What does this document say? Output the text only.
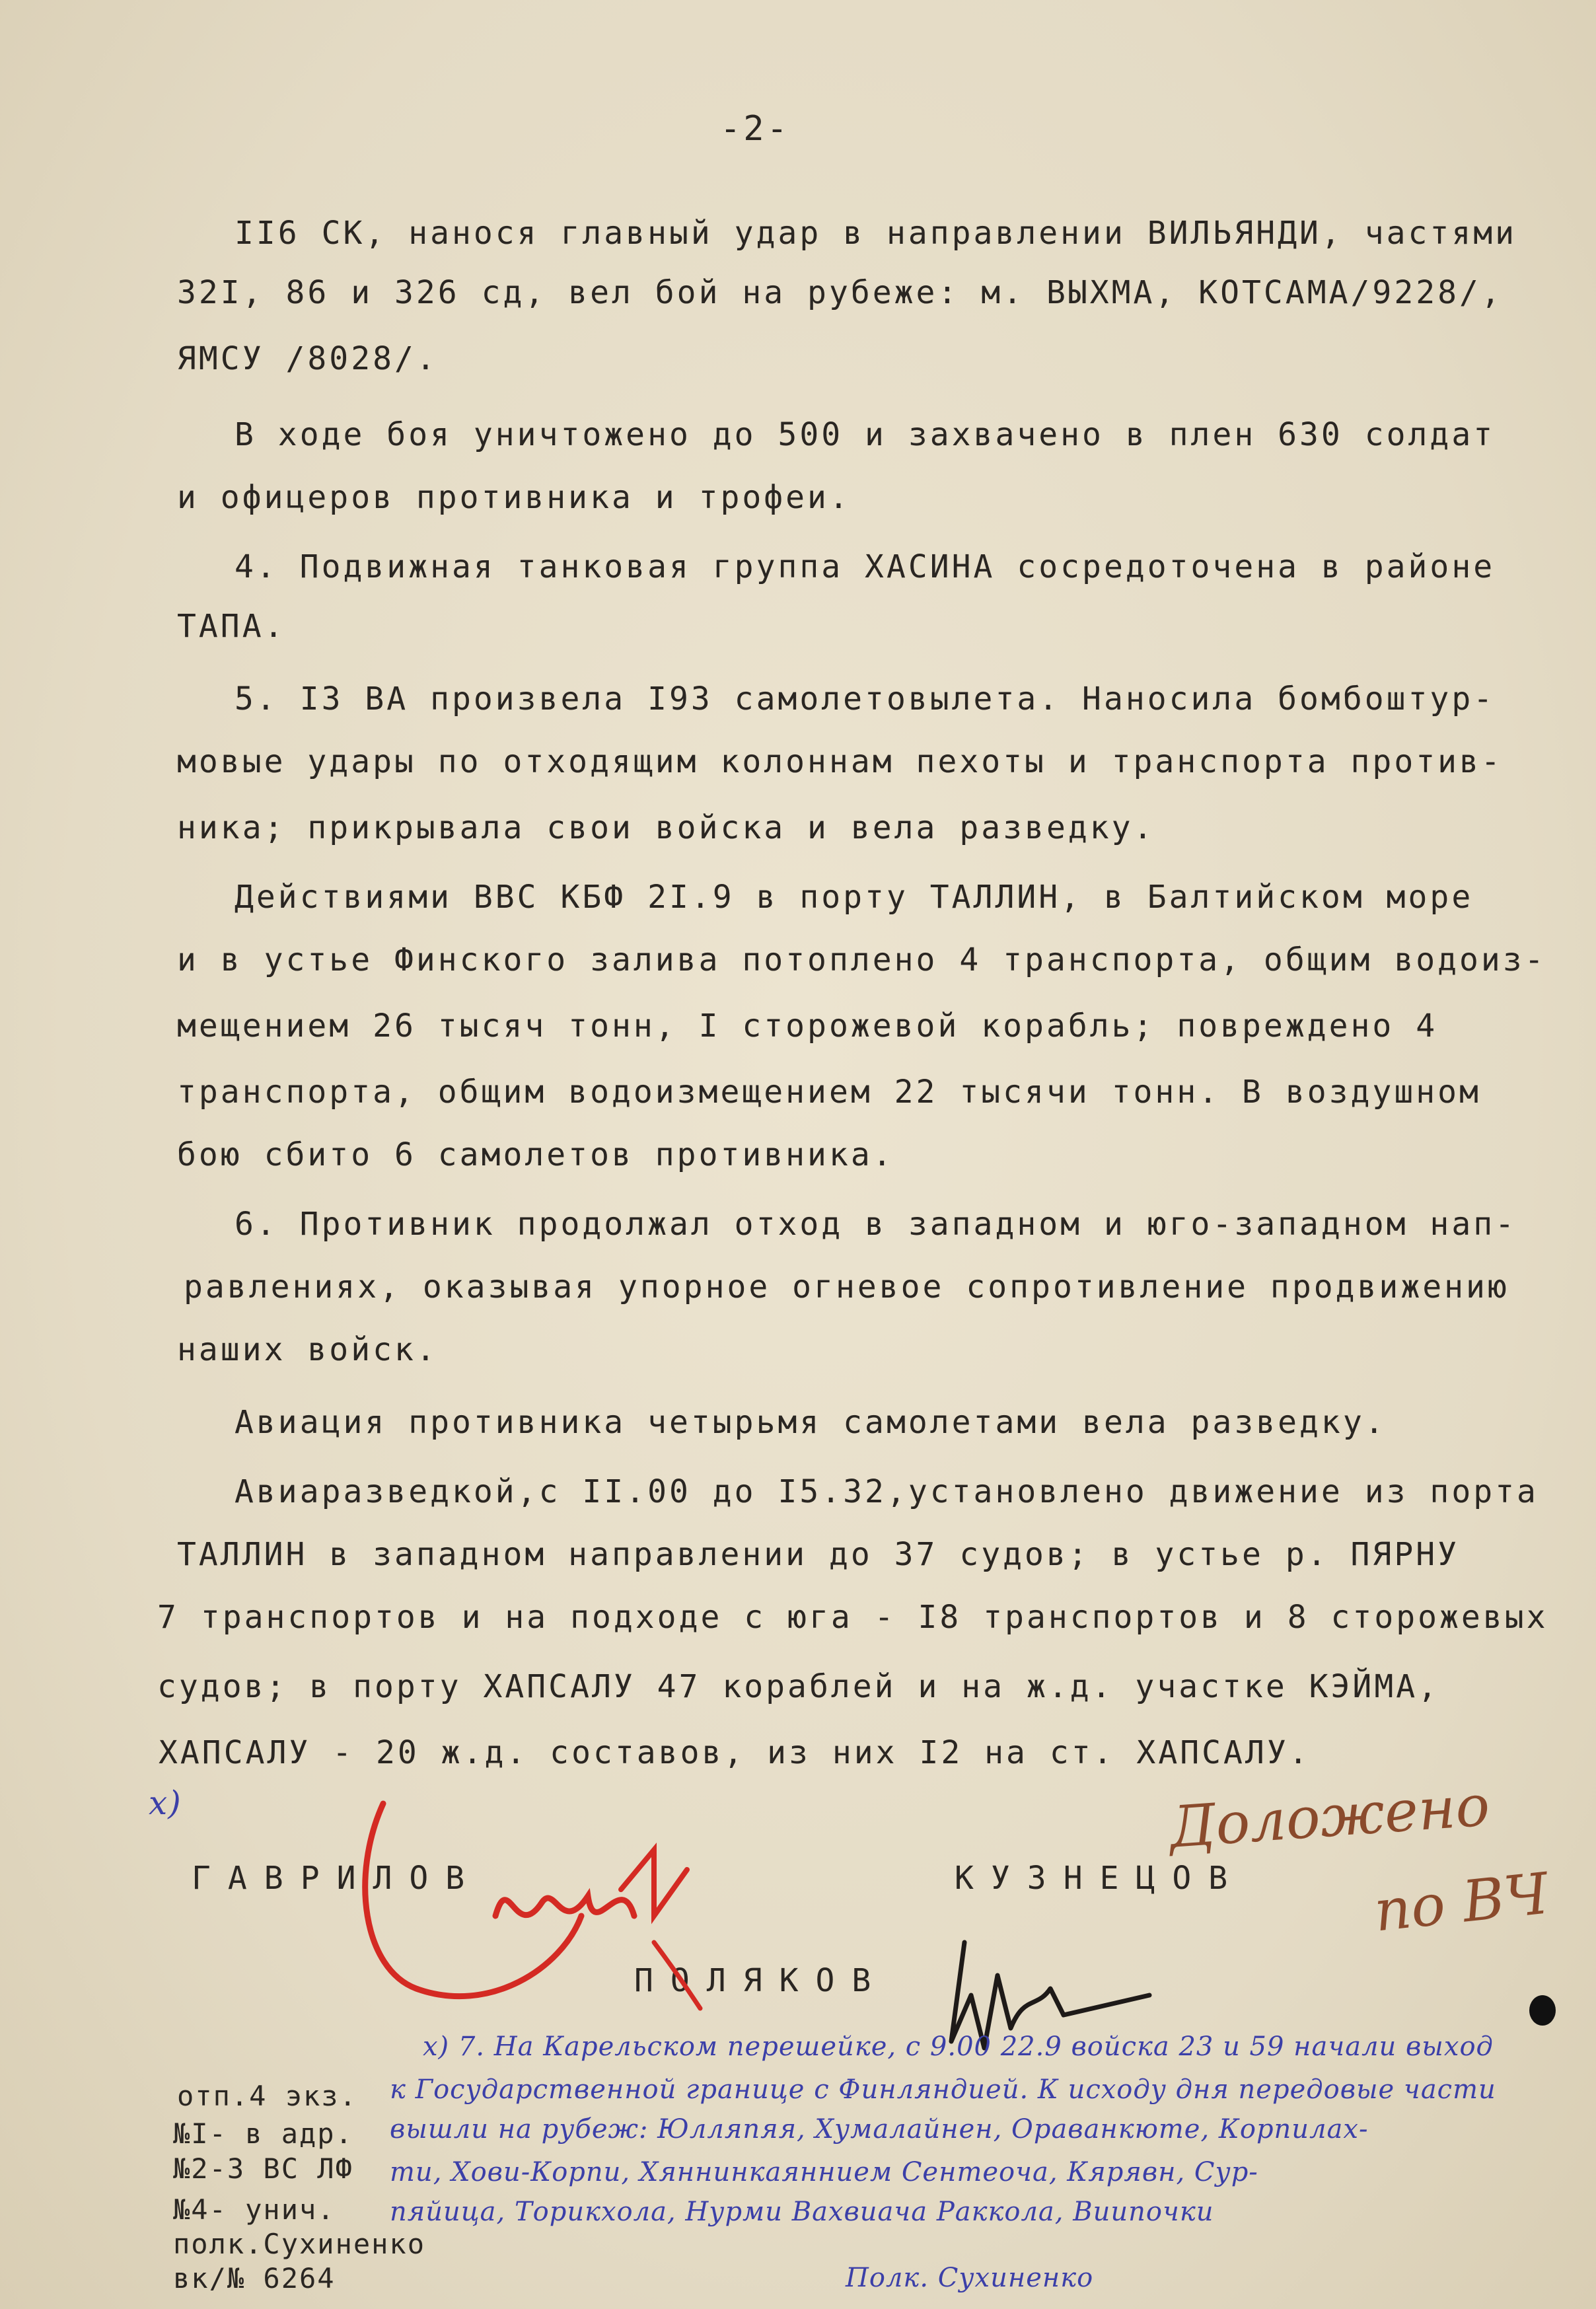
-2-
II6 СК, нанося главный удар в направлении ВИЛЬЯНДИ, частями
32I, 86 и 326 сд, вел бой на рубеже: м. ВЫХМА, КОТСАМА/9228/,
ЯМСУ /8028/.
В ходе боя уничтожено до 500 и захвачено в плен 630 солдат
и офицеров противника и трофеи.
4. Подвижная танковая группа ХАСИНА сосредоточена в районе
ТАПА.
5. I3 ВА произвела I93 самолетовылета. Наносила бомбоштур-
мовые удары по отходящим колоннам пехоты и транспорта против-
ника; прикрывала свои войска и вела разведку.
Действиями ВВС КБФ 2I.9 в порту ТАЛЛИН, в Балтийском море
и в устье Финского залива потоплено 4 транспорта, общим водоиз-
мещением 26 тысяч тонн, I сторожевой корабль; повреждено 4
транспорта, общим водоизмещением 22 тысячи тонн. В воздушном
бою сбито 6 самолетов противника.
6. Противник продолжал отход в западном и юго-западном нап-
равлениях, оказывая упорное огневое сопротивление продвижению
наших войск.
Авиация противника четырьмя самолетами вела разведку.
Авиаразведкой,с II.00 до I5.32,установлено движение из порта
ТАЛЛИН в западном направлении до 37 судов; в устье р. ПЯРНУ
7 транспортов и на подходе с юга - I8 транспортов и 8 сторожевых
судов; в порту ХАПСАЛУ 47 кораблей и на ж.д. участке КЭЙМА,
ХАПСАЛУ - 20 ж.д. составов, из них I2 на ст. ХАПСАЛУ.
x)	Доложено
по ВЧ
ГАВРИЛОВ	КУЗНЕЦОВ
ПОЛЯКОВ
отп.4 экз.
№I- в адр.
№2-3 ВС ЛФ
№4- унич.
полк.Сухиненко
вк/№ 6264
x) 7. На Карельском перешейке, с 9.00 22.9 войска 23 и 59 начали выход
к Государственной границе с Финляндией. К исходу дня передовые части
вышли на рубеж: Юлляпяя, Хумалайнен, Ораванкюте, Корпилах-
ти, Хови-Корпи, Хяннинкаяннием Сентеоча, Кярявн, Сур-
пяйица, Торикхола, Нурми Вахвиача Раккола, Виипочки
Полк. Сухиненко
